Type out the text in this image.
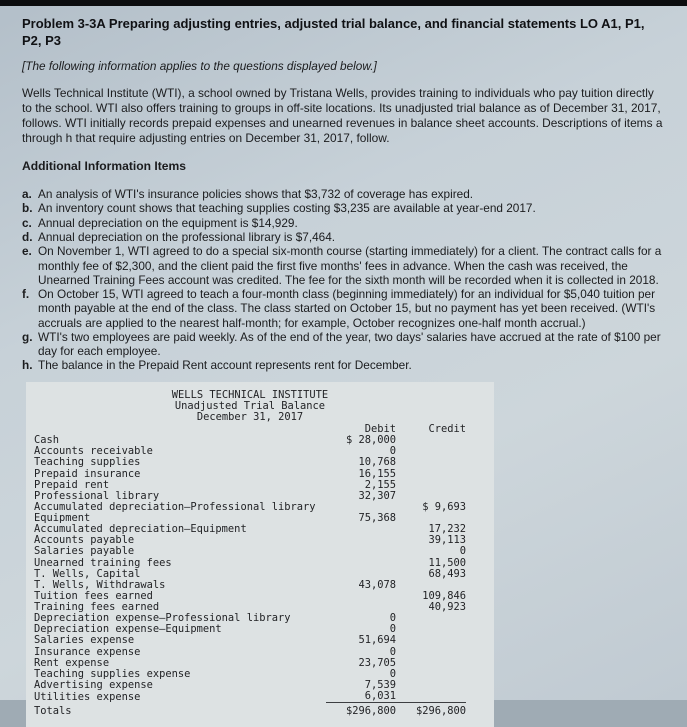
Problem 3-3A Preparing adjusting entries, adjusted trial balance, and financial statements LO A1, P1, P2, P3

[The following information applies to the questions displayed below.]

Wells Technical Institute (WTI), a school owned by Tristana Wells, provides training to individuals who pay tuition directly to the school. WTI also offers training to groups in off-site locations. Its unadjusted trial balance as of December 31, 2017, follows. WTI initially records prepaid expenses and unearned revenues in balance sheet accounts. Descriptions of items a through h that require adjusting entries on December 31, 2017, follow.

Additional Information Items
a. An analysis of WTI's insurance policies shows that $3,732 of coverage has expired.
b. An inventory count shows that teaching supplies costing $3,235 are available at year-end 2017.
c. Annual depreciation on the equipment is $14,929.
d. Annual depreciation on the professional library is $7,464.
e. On November 1, WTI agreed to do a special six-month course (starting immediately) for a client. The contract calls for a monthly fee of $2,300, and the client paid the first five months' fees in advance. When the cash was received, the Unearned Training Fees account was credited. The fee for the sixth month will be recorded when it is collected in 2018.
f. On October 15, WTI agreed to teach a four-month class (beginning immediately) for an individual for $5,040 tuition per month payable at the end of the class. The class started on October 15, but no payment has yet been received. (WTI's accruals are applied to the nearest half-month; for example, October recognizes one-half month accrual.)
g. WTI's two employees are paid weekly. As of the end of the year, two days' salaries have accrued at the rate of $100 per day for each employee.
h. The balance in the Prepaid Rent account represents rent for December.
WELLS TECHNICAL INSTITUTE
Unadjusted Trial Balance
December 31, 2017
	Debit	Credit
Cash	$ 28,000	
Accounts receivable	0	
Teaching supplies	10,768	
Prepaid insurance	16,155	
Prepaid rent	2,155	
Professional library	32,307	
Accumulated depreciation—Professional library		$ 9,693
Equipment	75,368	
Accumulated depreciation—Equipment		17,232
Accounts payable		39,113
Salaries payable		0
Unearned training fees		11,500
T. Wells, Capital		68,493
T. Wells, Withdrawals	43,078	
Tuition fees earned		109,846
Training fees earned		40,923
Depreciation expense—Professional library	0	
Depreciation expense—Equipment	0	
Salaries expense	51,694	
Insurance expense	0	
Rent expense	23,705	
Teaching supplies expense	0	
Advertising expense	7,539	
Utilities expense	6,031	
Totals	$296,800	$296,800
